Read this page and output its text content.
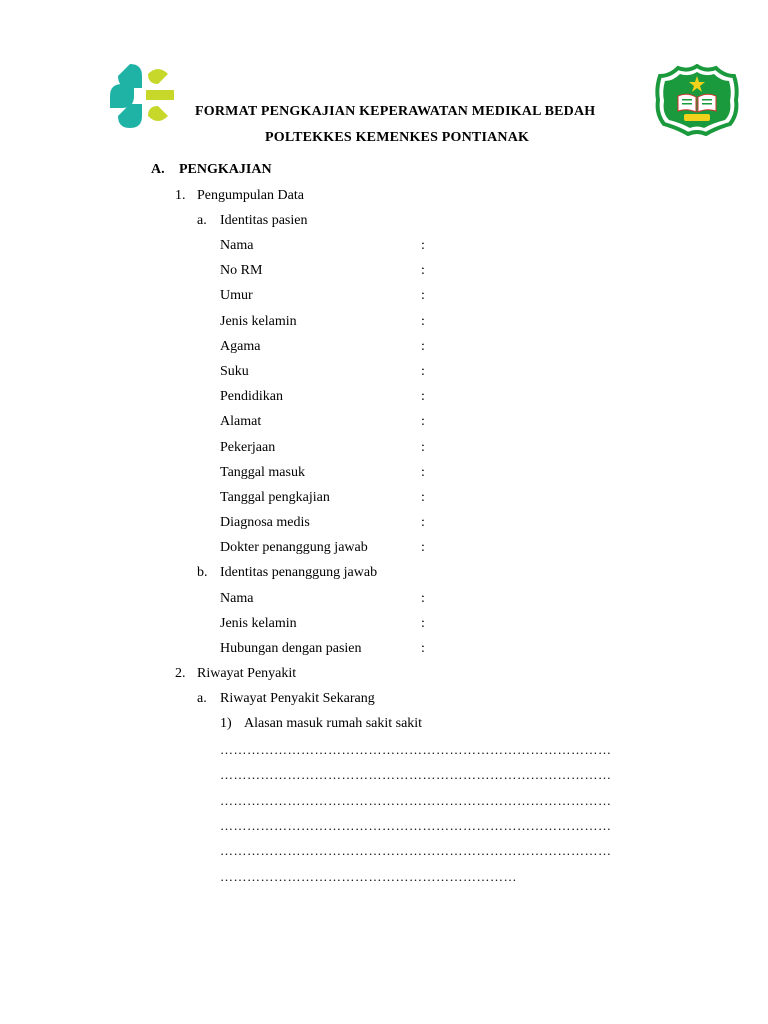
FORMAT PENGKAJIAN KEPERAWATAN MEDIKAL BEDAH
POLTEKKES KEMENKES PONTIANAK
A. PENGKAJIAN
1. Pengumpulan Data
a. Identitas pasien
Nama	:
No RM	:
Umur	:
Jenis kelamin	:
Agama	:
Suku	:
Pendidikan	:
Alamat	:
Pekerjaan	:
Tanggal masuk	:
Tanggal pengkajian	:
Diagnosa medis	:
Dokter penanggung jawab	:
b. Identitas penanggung jawab
Nama	:
Jenis kelamin	:
Hubungan dengan pasien	:
2. Riwayat Penyakit
a. Riwayat Penyakit Sekarang
1) Alasan masuk rumah sakit sakit
……………………………………………………………………………
……………………………………………………………………………
……………………………………………………………………………
……………………………………………………………………………
……………………………………………………………………………
…………………………………………………………
